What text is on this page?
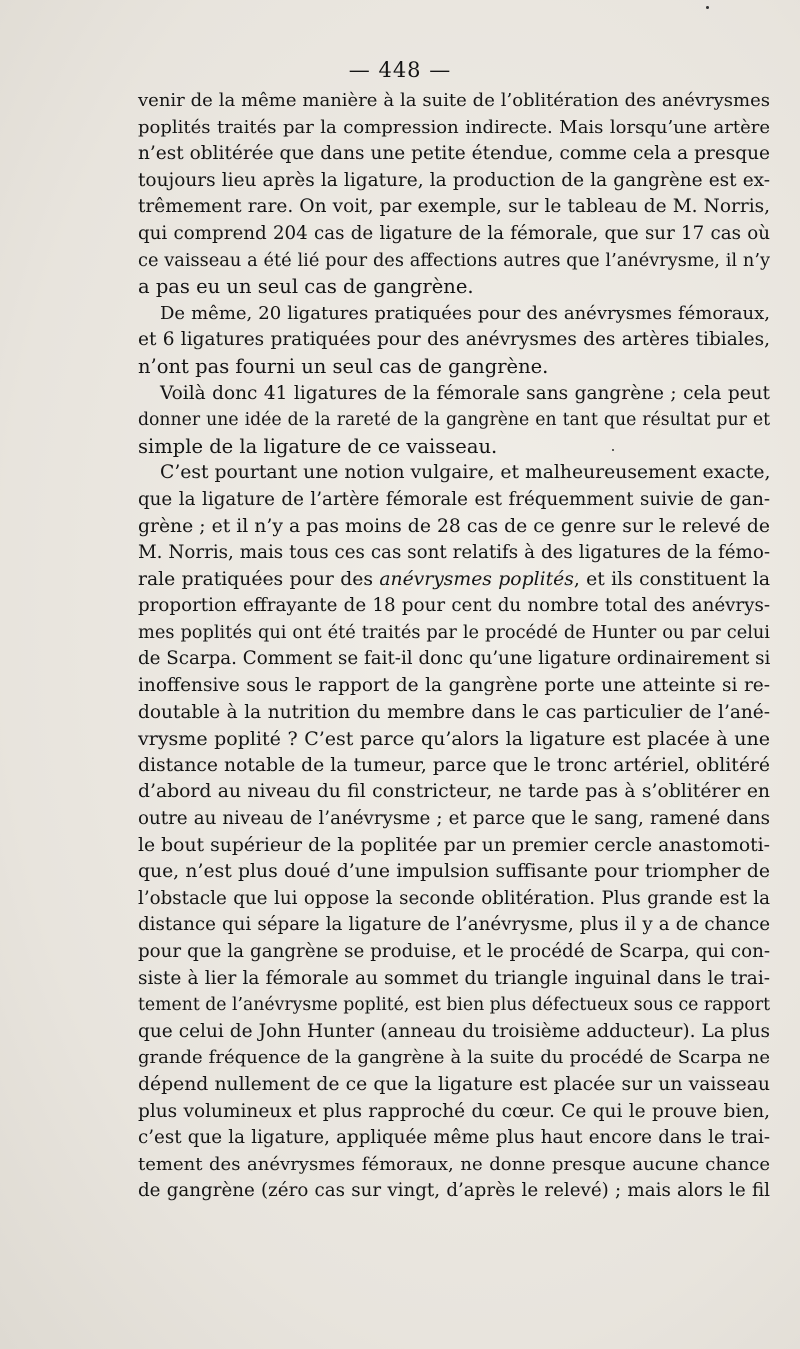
— 448 —
venir de la même manière à la suite de l’oblitération des anévrysmes
poplités traités par la compression indirecte. Mais lorsqu’une artère
n’est oblitérée que dans une petite étendue, comme cela a presque
toujours lieu après la ligature, la production de la gangrène est ex-
trêmement rare. On voit, par exemple, sur le tableau de M. Norris,
qui comprend 204 cas de ligature de la fémorale, que sur 17 cas où
ce vaisseau a été lié pour des affections autres que l’anévrysme, il n’y
a pas eu un seul cas de gangrène.
De même, 20 ligatures pratiquées pour des anévrysmes fémoraux,
et 6 ligatures pratiquées pour des anévrysmes des artères tibiales,
n’ont pas fourni un seul cas de gangrène.
Voilà donc 41 ligatures de la fémorale sans gangrène ; cela peut
donner une idée de la rareté de la gangrène en tant que résultat pur et
simple de la ligature de ce vaisseau.
C’est pourtant une notion vulgaire, et malheureusement exacte,
que la ligature de l’artère fémorale est fréquemment suivie de gan-
grène ; et il n’y a pas moins de 28 cas de ce genre sur le relevé de
M. Norris, mais tous ces cas sont relatifs à des ligatures de la fémo-
rale pratiquées pour des anévrysmes poplités, et ils constituent la
proportion effrayante de 18 pour cent du nombre total des anévrys-
mes poplités qui ont été traités par le procédé de Hunter ou par celui
de Scarpa. Comment se fait-il donc qu’une ligature ordinairement si
inoffensive sous le rapport de la gangrène porte une atteinte si re-
doutable à la nutrition du membre dans le cas particulier de l’ané-
vrysme poplité ? C’est parce qu’alors la ligature est placée à une
distance notable de la tumeur, parce que le tronc artériel, oblitéré
d’abord au niveau du fil constricteur, ne tarde pas à s’oblitérer en
outre au niveau de l’anévrysme ; et parce que le sang, ramené dans
le bout supérieur de la poplitée par un premier cercle anastomoti-
que, n’est plus doué d’une impulsion suffisante pour triompher de
l’obstacle que lui oppose la seconde oblitération. Plus grande est la
distance qui sépare la ligature de l’anévrysme, plus il y a de chance
pour que la gangrène se produise, et le procédé de Scarpa, qui con-
siste à lier la fémorale au sommet du triangle inguinal dans le trai-
tement de l’anévrysme poplité, est bien plus défectueux sous ce rapport
que celui de John Hunter (anneau du troisième adducteur). La plus
grande fréquence de la gangrène à la suite du procédé de Scarpa ne
dépend nullement de ce que la ligature est placée sur un vaisseau
plus volumineux et plus rapproché du cœur. Ce qui le prouve bien,
c’est que la ligature, appliquée même plus haut encore dans le trai-
tement des anévrysmes fémoraux, ne donne presque aucune chance
de gangrène (zéro cas sur vingt, d’après le relevé) ; mais alors le fil
